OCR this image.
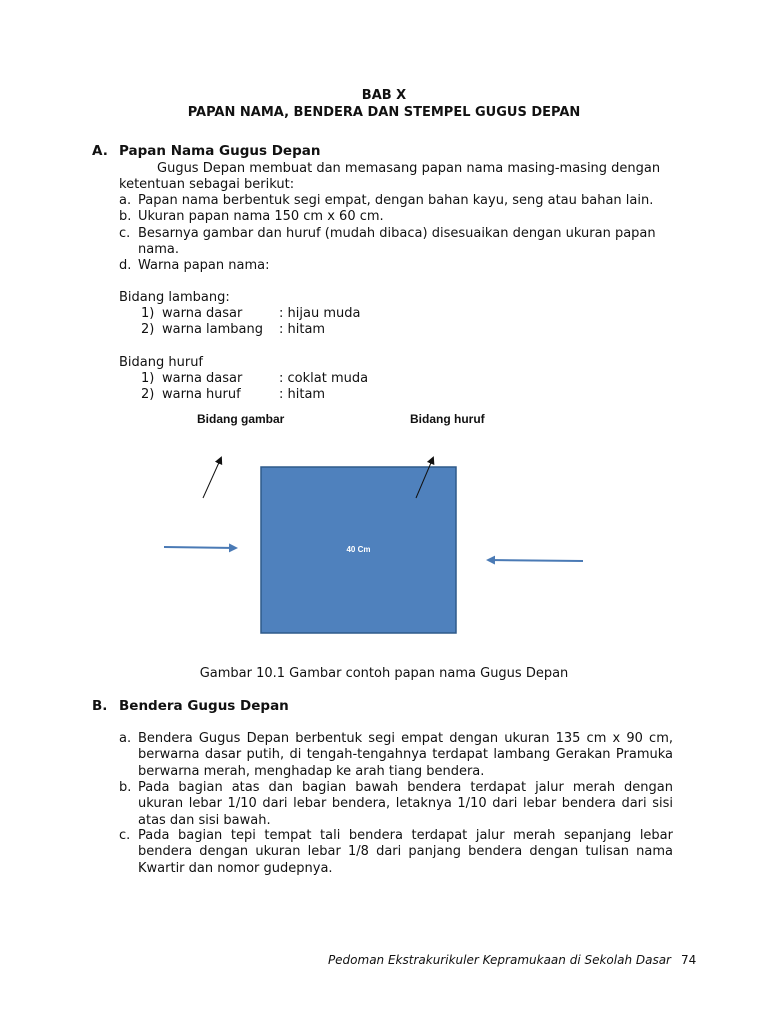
BAB X
PAPAN NAMA, BENDERA DAN STEMPEL GUGUS DEPAN
A. Papan Nama Gugus Depan
Gugus Depan membuat dan memasang papan nama masing-masing dengan
ketentuan sebagai berikut:
a. Papan nama berbentuk segi empat, dengan bahan kayu, seng atau bahan lain.
b. Ukuran papan nama 150 cm x 60 cm.
c. Besarnya gambar dan huruf (mudah dibaca) disesuaikan dengan ukuran papan
nama.
d. Warna papan nama:
Bidang lambang:
1) warna dasar	: hijau muda
2) warna lambang : hitam
Bidang huruf
1) warna dasar	: coklat muda
2) warna huruf	: hitam
Bidang gambar	Bidang huruf
40 Cm
Gambar 10.1 Gambar contoh papan nama Gugus Depan
B. Bendera Gugus Depan
a. Bendera Gugus Depan berbentuk segi empat dengan ukuran 135 cm x 90 cm, berwarna dasar putih, di tengah-tengahnya terdapat lambang Gerakan Pramuka berwarna merah, menghadap ke arah tiang bendera.
b. Pada bagian atas dan bagian bawah bendera terdapat jalur merah dengan ukuran lebar 1/10 dari lebar bendera, letaknya 1/10 dari lebar bendera dari sisi atas dan sisi bawah.
c. Pada bagian tepi tempat tali bendera terdapat jalur merah sepanjang lebar bendera dengan ukuran lebar 1/8 dari panjang bendera dengan tulisan nama Kwartir dan nomor gudepnya.
Pedoman Ekstrakurikuler Kepramukaan di Sekolah Dasar 74
